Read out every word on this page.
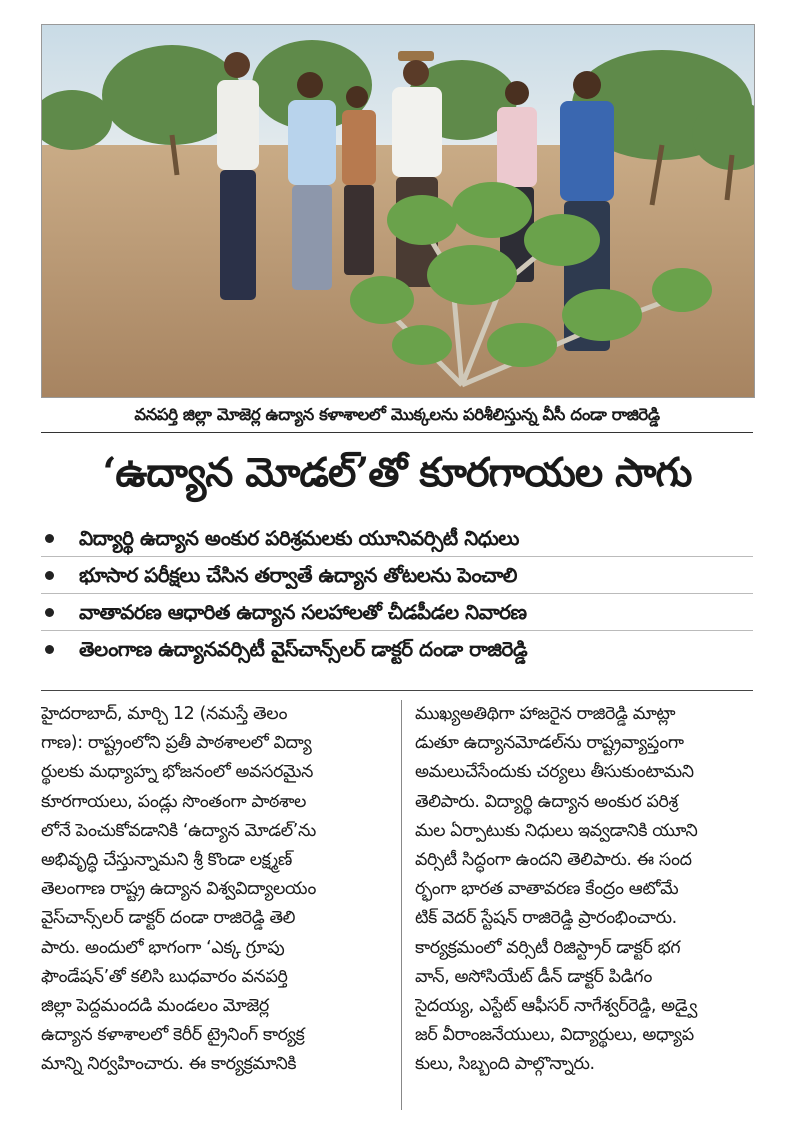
వనపర్తి జిల్లా మోజెర్ల ఉద్యాన కళాశాలలో మొక్కలను పరిశీలిస్తున్న వీసీ దండా రాజిరెడ్డి
‘ఉద్యాన మోడల్’తో కూరగాయల సాగు
విద్యార్థి ఉద్యాన అంకుర పరిశ్రమలకు యూనివర్సిటీ నిధులు
భూసార పరీక్షలు చేసిన తర్వాతే ఉద్యాన తోటలను పెంచాలి
వాతావరణ ఆధారిత ఉద్యాన సలహాలతో చీడపీడల నివారణ
తెలంగాణ ఉద్యానవర్సిటీ వైస్‌చాన్స్‌లర్ డాక్టర్ దండా రాజిరెడ్డి
హైదరాబాద్, మార్చి 12 (నమస్తే తెలం
గాణ): రాష్ట్రంలోని ప్రతీ పాఠశాలలో విద్యా
ర్థులకు మధ్యాహ్న భోజనంలో అవసరమైన
కూరగాయలు, పండ్లు సొంతంగా పాఠశాల
లోనే పెంచుకోవడానికి ‘ఉద్యాన మోడల్’ను
అభివృద్ధి చేస్తున్నామని శ్రీ కొండా లక్ష్మణ్
తెలంగాణ రాష్ట్ర ఉద్యాన విశ్వవిద్యాలయం
వైస్‌చాన్స్‌లర్ డాక్టర్ దండా రాజిరెడ్డి తెలి
పారు. అందులో భాగంగా ‘ఎక్క గ్రూపు
ఫౌండేషన్’తో కలిసి బుధవారం వనపర్తి
జిల్లా పెద్దమందడి మండలం మోజెర్ల
ఉద్యాన కళాశాలలో కెరీర్ ట్రైనింగ్ కార్యక్ర
మాన్ని నిర్వహించారు. ఈ కార్యక్రమానికి
ముఖ్యఅతిథిగా హాజరైన రాజిరెడ్డి మాట్లా
డుతూ ఉద్యానమోడల్‌ను రాష్ట్రవ్యాప్తంగా
అమలుచేసేందుకు చర్యలు తీసుకుంటామని
తెలిపారు. విద్యార్థి ఉద్యాన అంకుర పరిశ్ర
మల ఏర్పాటుకు నిధులు ఇవ్వడానికి యూని
వర్సిటీ సిద్ధంగా ఉందని తెలిపారు. ఈ సంద
ర్భంగా భారత వాతావరణ కేంద్రం ఆటోమే
టిక్ వెదర్ స్టేషన్ రాజిరెడ్డి ప్రారంభించారు.
కార్యక్రమంలో వర్సిటీ రిజిస్ట్రార్ డాక్టర్ భగ
వాన్, అసోసియేట్ డీన్ డాక్టర్ పిడిగం
సైదయ్య, ఎస్టేట్ ఆఫీసర్ నాగేశ్వర్‌రెడ్డి, అడ్వై
జర్ వీరాంజనేయులు, విద్యార్థులు, అధ్యాప
కులు, సిబ్బంది పాల్గొన్నారు.
